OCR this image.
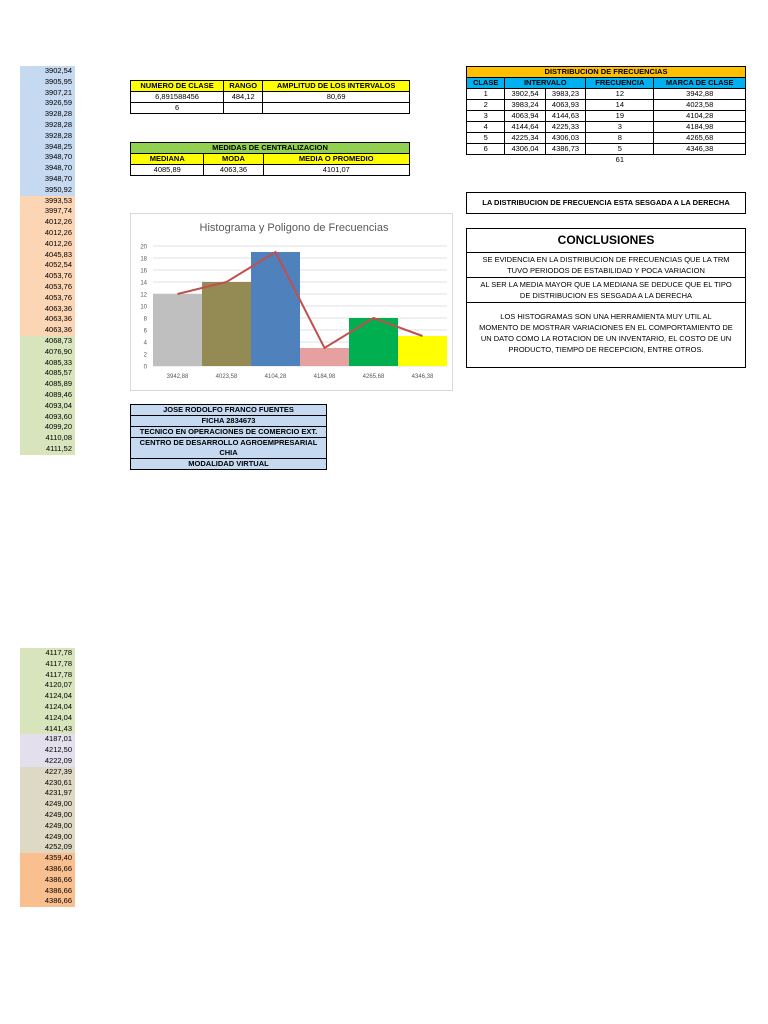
3902,54
3905,95
3907,21
3926,59
3928,28
3928,28
3928,28
3948,25
3948,70
3948,70
3948,70
3950,92
3993,53
3997,74
4012,26
4012,26
4012,26
4045,83
4052,54
4053,76
4053,76
4053,76
4063,36
4063,36
4063,36
4068,73
4076,90
4085,33
4085,57
4085,89
4089,46
4093,04
4093,60
4099,20
4110,08
4111,52
4117,78
4117,78
4117,78
4120,07
4124,04
4124,04
4124,04
4141,43
4187,01
4212,50
4222,09
4227,39
4230,61
4231,97
4249,00
4249,00
4249,00
4249,00
4252,09
4359,40
4386,66
4386,66
4386,66
4386,66
NUMERO DE CLASE	RANGO	AMPLITUD DE LOS INTERVALOS
6,891588456	484,12	80,69
6		
MEDIDAS DE CENTRALIZACION		
MEDIANA	MODA	MEDIA O PROMEDIO
4085,89	4063,36	4101,07
DISTRIBUCION DE FRECUENCIAS				
CLASE	INTERVALO		FRECUENCIA	MARCA DE CLASE
1	3902,54	3983,23	12	3942,88
2	3983,24	4063,93	14	4023,58
3	4063,94	4144,63	19	4104,28
4	4144,64	4225,33	3	4184,98
5	4225,34	4306,03	8	4265,68
6	4306,04	4386,73	5	4346,38
			61	
LA DISTRIBUCION DE FRECUENCIA ESTA SESGADA A LA DERECHA
CONCLUSIONES
SE EVIDENCIA EN LA DISTRIBUCION DE FRECUENCIAS QUE LA TRM
TUVO PERIODOS DE ESTABILIDAD Y POCA VARIACION
AL SER LA MEDIA MAYOR QUE LA MEDIANA SE DEDUCE QUE EL TIPO
DE DISTRIBUCION ES SESGADA A LA DERECHA
LOS HISTOGRAMAS SON UNA HERRAMIENTA MUY UTIL AL
MOMENTO DE MOSTRAR VARIACIONES EN EL COMPORTAMIENTO DE
UN DATO COMO LA ROTACION DE UN INVENTARIO, EL COSTO DE UN
PRODUCTO, TIEMPO DE RECEPCION, ENTRE OTROS.
Histograma y Poligono de Frecuencias
0
2
4
6
8
10
12
14
16
18
20
3942,88	4023,58	4104,28	4184,98	4265,68	4346,38
JOSE RODOLFO FRANCO FUENTES
FICHA 2834673
TECNICO EN OPERACIONES DE COMERCIO EXT.
CENTRO DE DESARROLLO AGROEMPRESARIAL
CHIA
MODALIDAD VIRTUAL
